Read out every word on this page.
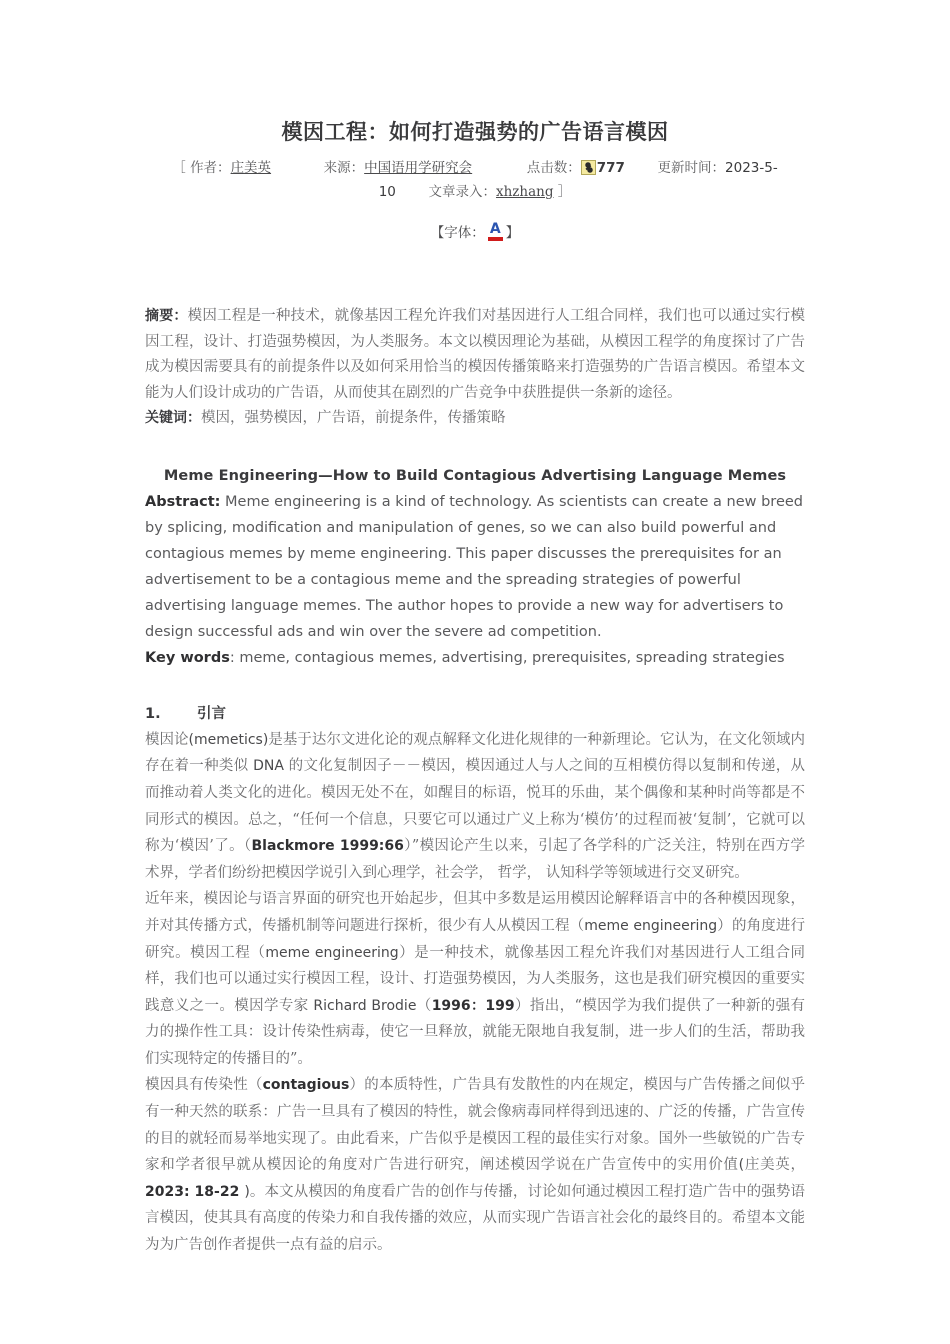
模因工程：如何打造强势的广告语言模因
［ 作者：庄美英	来源：中国语用学研究会	点击数： 777 更新时间：2023-5-
10 文章录入：xhzhang ］
【字体： A 】

摘要：模因工程是一种技术，就像基因工程允许我们对基因进行人工组合同样，我们也可以通过实行模因工程，设计、打造强势模因，为人类服务。本文以模因理论为基础，从模因工程学的角度探讨了广告成为模因需要具有的前提条件以及如何采用恰当的模因传播策略来打造强势的广告语言模因。希望本文能为人们设计成功的广告语，从而使其在剧烈的广告竞争中获胜提供一条新的途径。

关键词：模因，强势模因，广告语，前提条件，传播策略

Meme Engineering—How to Build Contagious Advertising Language Memes

Abstract: Meme engineering is a kind of technology. As scientists can create a new breed by splicing, modification and manipulation of genes, so we can also build powerful and contagious memes by meme engineering. This paper discusses the prerequisites for an advertisement to be a contagious meme and the spreading strategies of powerful advertising language memes. The author hopes to provide a new way for advertisers to design successful ads and win over the severe ad competition.

Key words: meme, contagious memes, advertising, prerequisites, spreading strategies

1.	引言

模因论(memetics)是基于达尔文进化论的观点解释文化进化规律的一种新理论。它认为，在文化领域内存在着一种类似 DNA 的文化复制因子－－模因，模因通过人与人之间的互相模仿得以复制和传递，从而推动着人类文化的进化。模因无处不在，如醒目的标语，悦耳的乐曲，某个偶像和某种时尚等都是不同形式的模因。总之，“任何一个信息，只要它可以通过广义上称为‘模仿’的过程而被‘复制’，它就可以称为‘模因’了。（Blackmore 1999:66）”模因论产生以来，引起了各学科的广泛关注，特别在西方学术界，学者们纷纷把模因学说引入到心理学，社会学， 哲学， 认知科学等领域进行交叉研究。

近年来，模因论与语言界面的研究也开始起步，但其中多数是运用模因论解释语言中的各种模因现象，并对其传播方式，传播机制等问题进行探析，很少有人从模因工程（meme engineering）的角度进行研究。模因工程（meme engineering）是一种技术，就像基因工程允许我们对基因进行人工组合同样，我们也可以通过实行模因工程，设计、打造强势模因，为人类服务，这也是我们研究模因的重要实践意义之一。模因学专家 Richard Brodie（1996：199）指出，“模因学为我们提供了一种新的强有力的操作性工具：设计传染性病毒，使它一旦释放，就能无限地自我复制，进一步人们的生活，帮助我们实现特定的传播目的”。

模因具有传染性（contagious）的本质特性，广告具有发散性的内在规定，模因与广告传播之间似乎有一种天然的联系：广告一旦具有了模因的特性，就会像病毒同样得到迅速的、广泛的传播，广告宣传的目的就轻而易举地实现了。由此看来，广告似乎是模因工程的最佳实行对象。国外一些敏锐的广告专家和学者很早就从模因论的角度对广告进行研究，阐述模因学说在广告宣传中的实用价值(庄美英，2023: 18-22 )。本文从模因的角度看广告的创作与传播，讨论如何通过模因工程打造广告中的强势语言模因，使其具有高度的传染力和自我传播的效应，从而实现广告语言社会化的最终目的。希望本文能为为广告创作者提供一点有益的启示。
